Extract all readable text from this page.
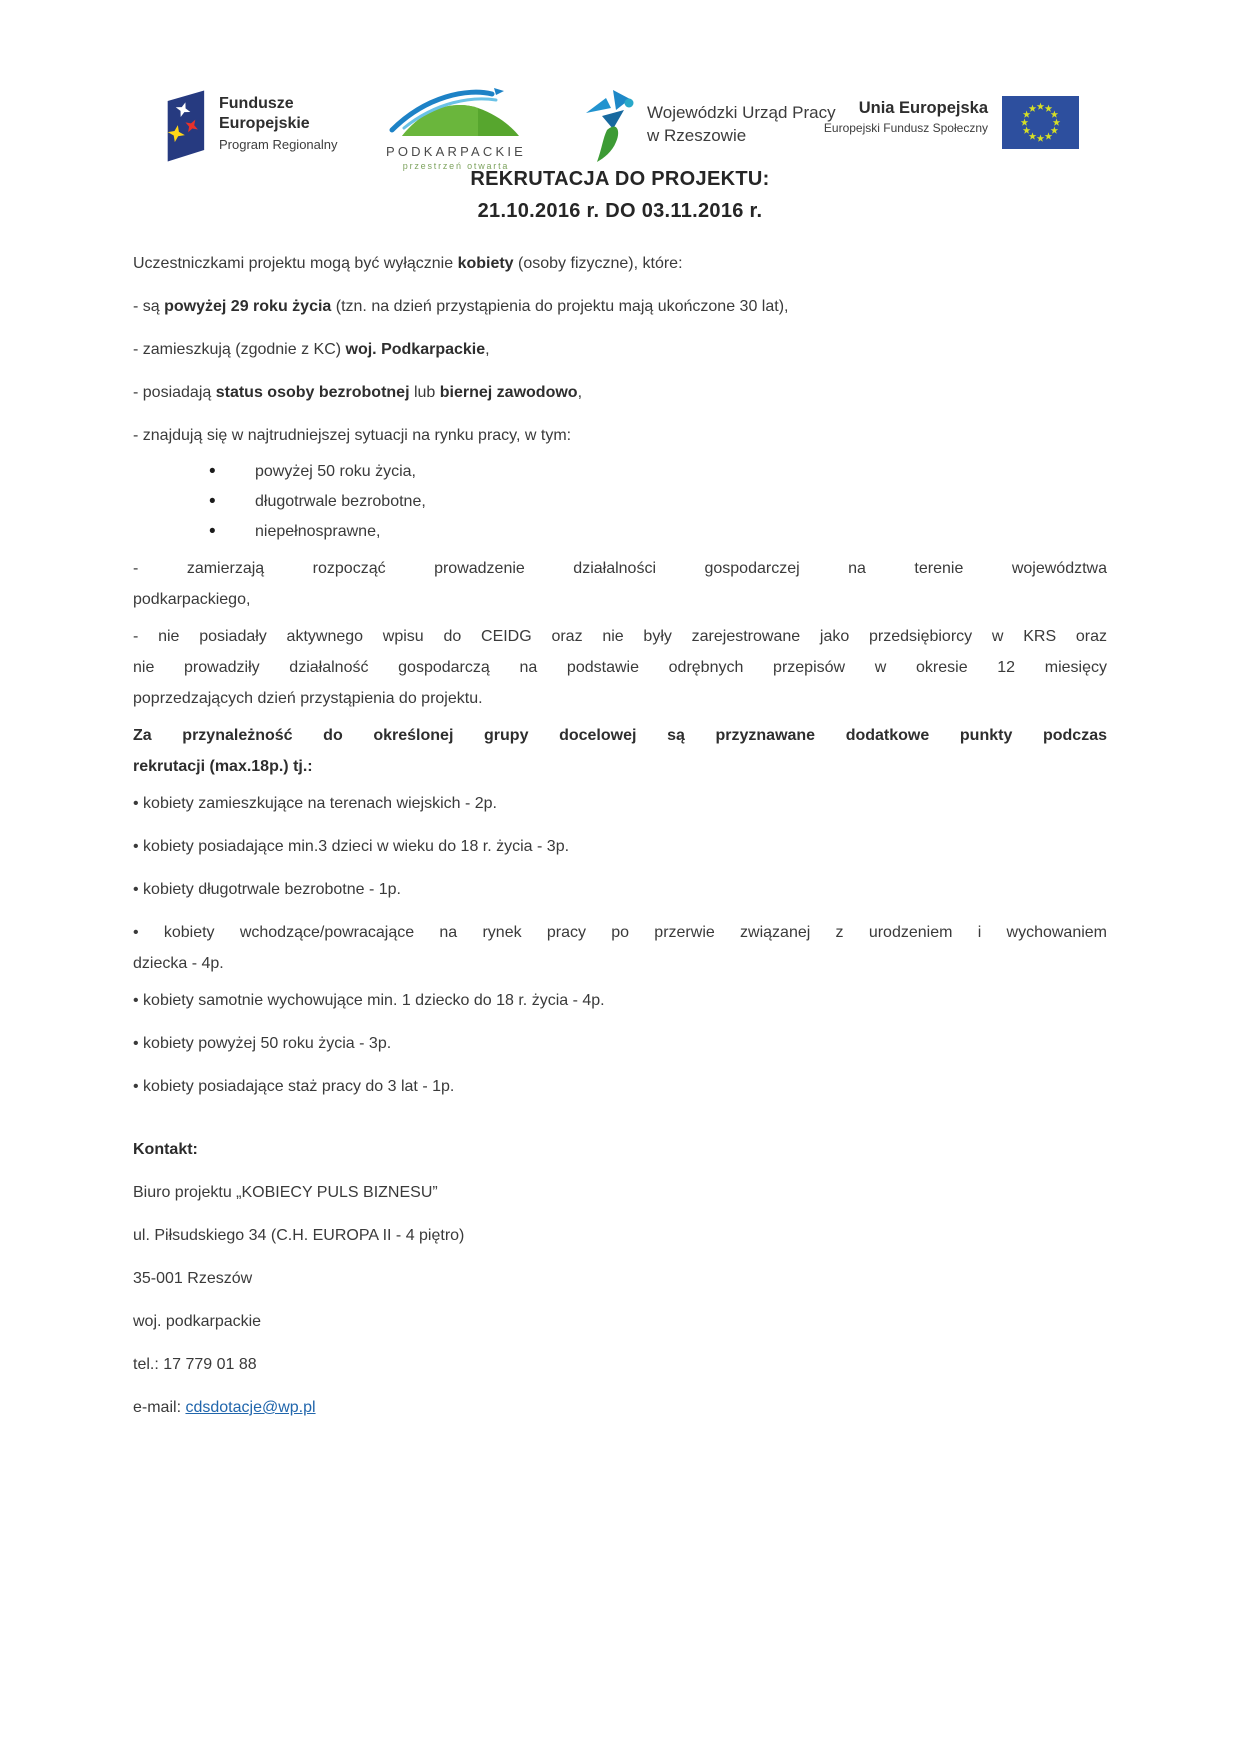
Fundusze
Europejskie
Program Regionalny	PODKARPACKIE
przestrzeń otwarta
Wojewódzki Urząd Pracy
w Rzeszowie
Unia Europejska
Europejski Fundusz Społeczny
REKRUTACJA DO PROJEKTU:
21.10.2016 r. DO 03.11.2016 r.

Uczestniczkami projektu mogą być wyłącznie kobiety (osoby fizyczne), które:

- są powyżej 29 roku życia (tzn. na dzień przystąpienia do projektu mają ukończone 30 lat),

- zamieszkują (zgodnie z KC) woj. Podkarpackie,

- posiadają status osoby bezrobotnej lub biernej zawodowo,

- znajdują się w najtrudniejszej sytuacji na rynku pracy, w tym:

• powyżej 50 roku życia,
• długotrwale bezrobotne,
• niepełnosprawne,

- zamierzają rozpocząć prowadzenie działalności gospodarczej na terenie województwa
podkarpackiego,

- nie posiadały aktywnego wpisu do CEIDG oraz nie były zarejestrowane jako przedsiębiorcy w KRS oraz
nie prowadziły działalność gospodarczą na podstawie odrębnych przepisów w okresie 12 miesięcy
poprzedzających dzień przystąpienia do projektu.

Za przynależność do określonej grupy docelowej są przyznawane dodatkowe punkty podczas
rekrutacji (max.18p.) tj.:

• kobiety zamieszkujące na terenach wiejskich - 2p.

• kobiety posiadające min.3 dzieci w wieku do 18 r. życia - 3p.

• kobiety długotrwale bezrobotne - 1p.

• kobiety wchodzące/powracające na rynek pracy po przerwie związanej z urodzeniem i wychowaniem
dziecka - 4p.

• kobiety samotnie wychowujące min. 1 dziecko do 18 r. życia - 4p.

• kobiety powyżej 50 roku życia - 3p.

• kobiety posiadające staż pracy do 3 lat - 1p.

Kontakt:

Biuro projektu „KOBIECY PULS BIZNESU”

ul. Piłsudskiego 34 (C.H. EUROPA II - 4 piętro)

35-001 Rzeszów

woj. podkarpackie

tel.: 17 779 01 88

e-mail: cdsdotacje@wp.pl
